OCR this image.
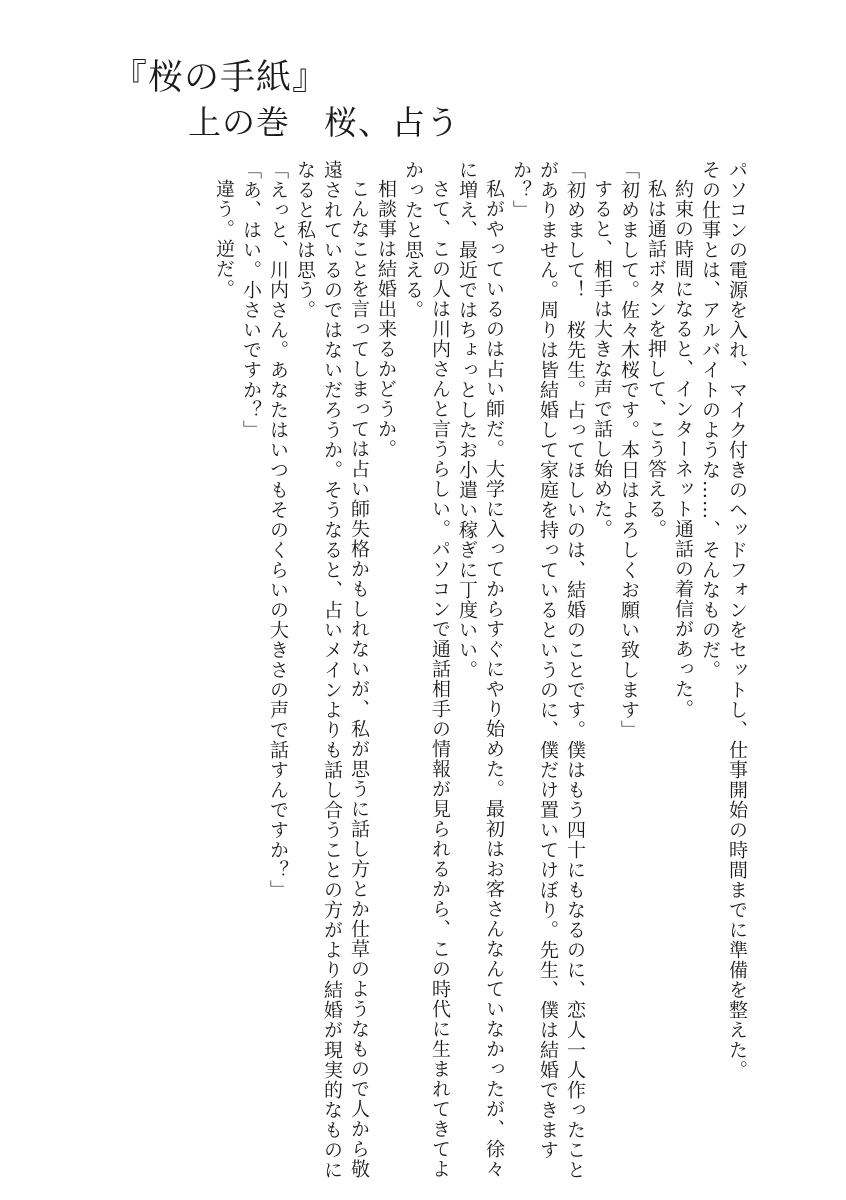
『桜の手紙』
上の巻　桜、占う

パソコンの電源を入れ、マイク付きのヘッドフォンをセットし、仕事開始の時間までに準備を整えた。

その仕事とは、アルバイトのような……、そんなものだ。

約束の時間になると、インターネット通話の着信があった。

私は通話ボタンを押して、こう答える。

「初めまして。佐々木桜です。本日はよろしくお願い致します」

すると、相手は大きな声で話し始めた。

「初めまして！　桜先生。占ってほしいのは、結婚のことです。僕はもう四十にもなるのに、恋人一人作ったことがありません。周りは皆結婚して家庭を持っているというのに、僕だけ置いてけぼり。先生、僕は結婚できますか？」

私がやっているのは占い師だ。大学に入ってからすぐにやり始めた。最初はお客さんなんていなかったが、徐々に増え、最近ではちょっとしたお小遣い稼ぎに丁度いい。

さて、この人は川内さんと言うらしい。パソコンで通話相手の情報が見られるから、この時代に生まれてきてよかったと思える。

相談事は結婚出来るかどうか。

こんなことを言ってしまっては占い師失格かもしれないが、私が思うに話し方とか仕草のようなもので人から敬遠されているのではないだろうか。そうなると、占いメインよりも話し合うことの方がより結婚が現実的なものになると私は思う。

「えっと、川内さん。あなたはいつもそのくらいの大きさの声で話すんですか？」

「あ、はい。小さいですか？」

違う。逆だ。
